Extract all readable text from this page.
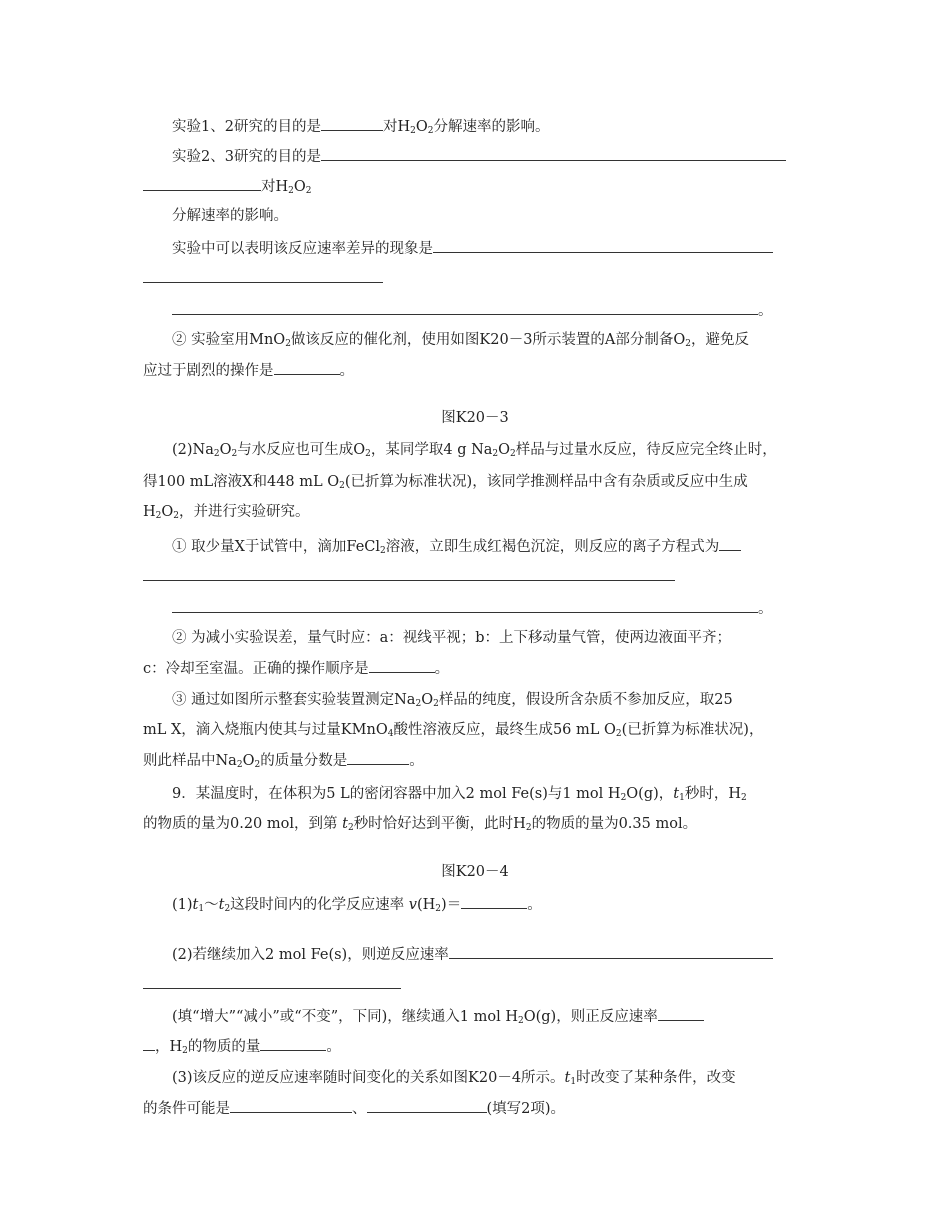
实验1、2研究的目的是	对$H_2O_2$分解速率的影响。
实验2、3研究的目的是
对$H_2O_2$
分解速率的影响。
实验中可以表明该反应速率差异的现象是
。
② 实验室用MnO$_2$做该反应的催化剂，使用如图K20－3所示装置的A部分制备$O_2$，避免反
应过于剧烈的操作是	。
图K20－3
$(2)Na_2O_2$与水反应也可生成$O_2$，某同学取4 g $Na_2O_2$样品与过量水反应，待反应完全终止时，
得100 mL溶液X和448 mL $O_2$(已折算为标准状况)，该同学推测样品中含有杂质或反应中生成
$H_2O_2$，并进行实验研究。
① 取少量X于试管中，滴加FeCl$_2$溶液，立即生成红褐色沉淀，则反应的离子方程式为
。
② 为减小实验误差，量气时应：a：视线平视；b：上下移动量气管，使两边液面平齐；
c：冷却至室温。正确的操作顺序是	。
③ 通过如图所示整套实验装置测定$Na_2O_2$样品的纯度，假设所含杂质不参加反应，取25
mL X，滴入烧瓶内使其与过量KMnO$_4$酸性溶液反应，最终生成56 mL $O_2$(已折算为标准状况)，
则此样品中$Na_2O_2$的质量分数是	。
9．某温度时，在体积为5 L的密闭容器中加入2 mol Fe(s)与1 mol $H_2O(g)$，$t_1$秒时，$H_2$
的物质的量为0.20 mol，到第 $t_2$秒时恰好达到平衡，此时$H_2$的物质的量为0.35 mol。
图K20－4
$(1)t_1\sim t_2$这段时间内的化学反应速率 $v(H_2)=$	。
(2)若继续加入2 mol Fe(s)，则逆反应速率
(填“增大”“减小”或“不变”，下同)，继续通入1 mol $H_2O(g)$，则正反应速率
，$H_2$的物质的量	。
(3)该反应的逆反应速率随时间变化的关系如图K20－4所示。$t_1$时改变了某种条件，改变
的条件可能是	、	(填写2项)。
